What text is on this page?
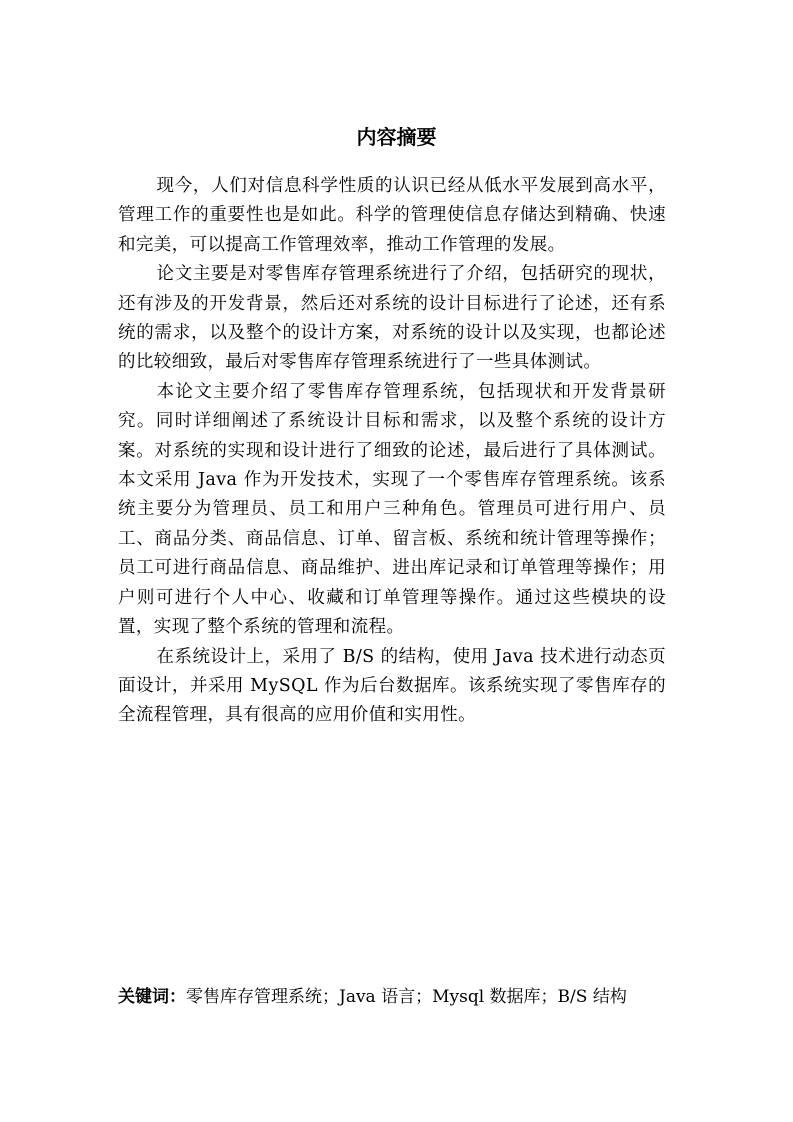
内容摘要

现今，人们对信息科学性质的认识已经从低水平发展到高水平，管理工作的重要性也是如此。科学的管理使信息存储达到精确、快速和完美，可以提高工作管理效率，推动工作管理的发展。

论文主要是对零售库存管理系统进行了介绍，包括研究的现状，还有涉及的开发背景，然后还对系统的设计目标进行了论述，还有系统的需求，以及整个的设计方案，对系统的设计以及实现，也都论述的比较细致，最后对零售库存管理系统进行了一些具体测试。

本论文主要介绍了零售库存管理系统，包括现状和开发背景研究。同时详细阐述了系统设计目标和需求，以及整个系统的设计方案。对系统的实现和设计进行了细致的论述，最后进行了具体测试。本文采用 Java 作为开发技术，实现了一个零售库存管理系统。该系统主要分为管理员、员工和用户三种角色。管理员可进行用户、员工、商品分类、商品信息、订单、留言板、系统和统计管理等操作；员工可进行商品信息、商品维护、进出库记录和订单管理等操作；用户则可进行个人中心、收藏和订单管理等操作。通过这些模块的设置，实现了整个系统的管理和流程。

在系统设计上，采用了 B/S 的结构，使用 Java 技术进行动态页面设计，并采用 MySQL 作为后台数据库。该系统实现了零售库存的全流程管理，具有很高的应用价值和实用性。

关键词：零售库存管理系统；Java 语言；Mysql 数据库；B/S 结构
